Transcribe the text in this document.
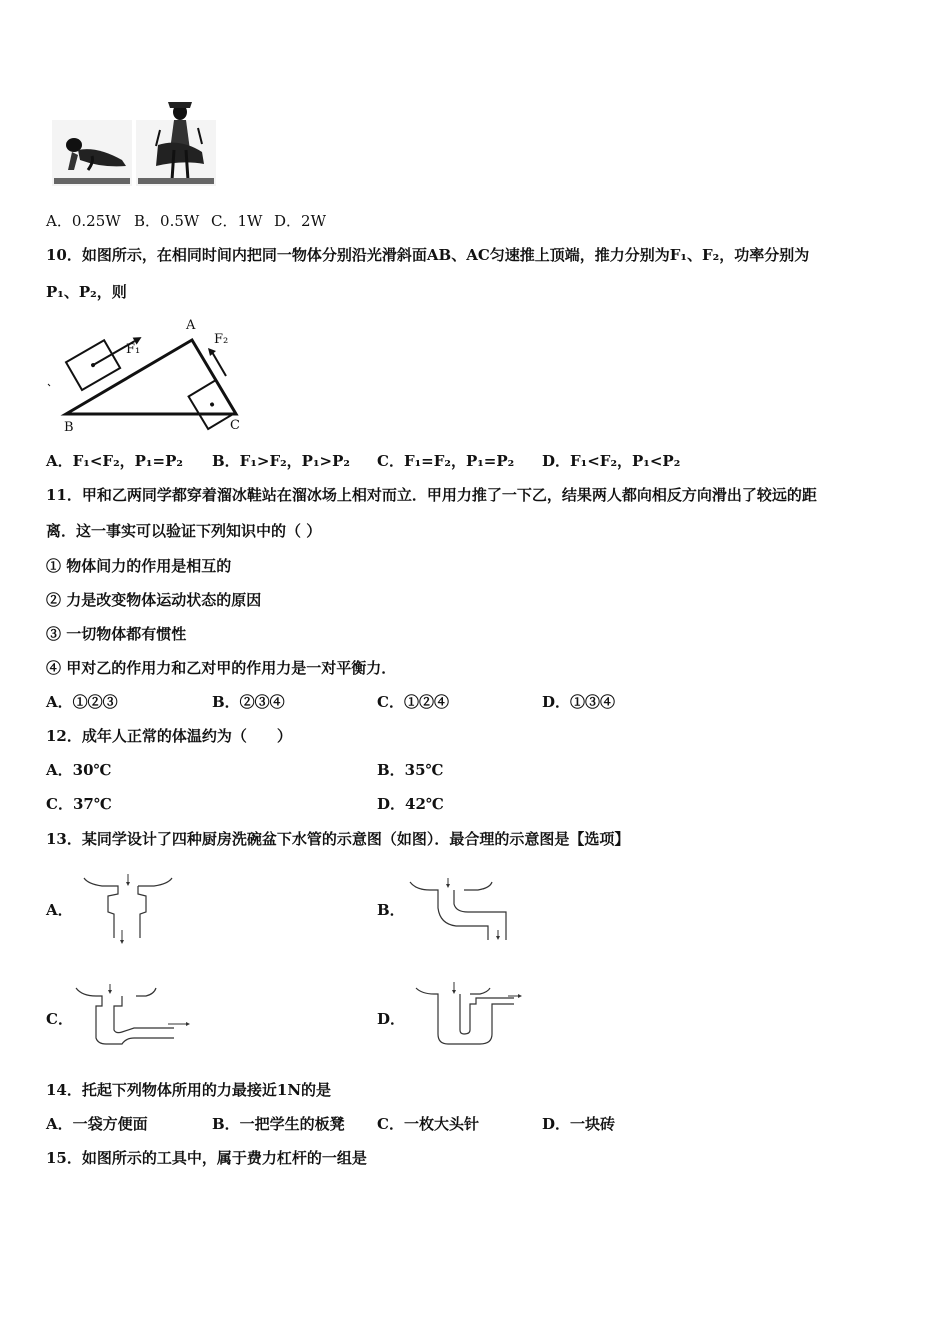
A．0.25W B．0.5W C．1W D．2W
10．如图所示，在相同时间内把同一物体分别沿光滑斜面AB、AC匀速推上顶端，推力分别为F₁、F₂，功率分别为
P₁、P₂，则
A
B	C
F₁
F₂
A．F₁<F₂，P₁=P₂ B．F₁>F₂，P₁>P₂ C．F₁=F₂，P₁=P₂ D．F₁<F₂，P₁<P₂
11．甲和乙两同学都穿着溜冰鞋站在溜冰场上相对而立．甲用力推了一下乙，结果两人都向相反方向滑出了较远的距
离．这一事实可以验证下列知识中的（ ）
① 物体间力的作用是相互的
② 力是改变物体运动状态的原因
③ 一切物体都有惯性
④ 甲对乙的作用力和乙对甲的作用力是一对平衡力．
A．①②③	B．②③④	C．①②④	D．①③④
12．成年人正常的体温约为（　　）
A．30℃	B．35℃
C．37℃	D．42℃
13．某同学设计了四种厨房洗碗盆下水管的示意图（如图）．最合理的示意图是【选项】
A．	B．
C．	D．
14．托起下列物体所用的力最接近1N的是
A．一袋方便面	B．一把学生的板凳 C．一枚大头针	D．一块砖
15．如图所示的工具中，属于费力杠杆的一组是
